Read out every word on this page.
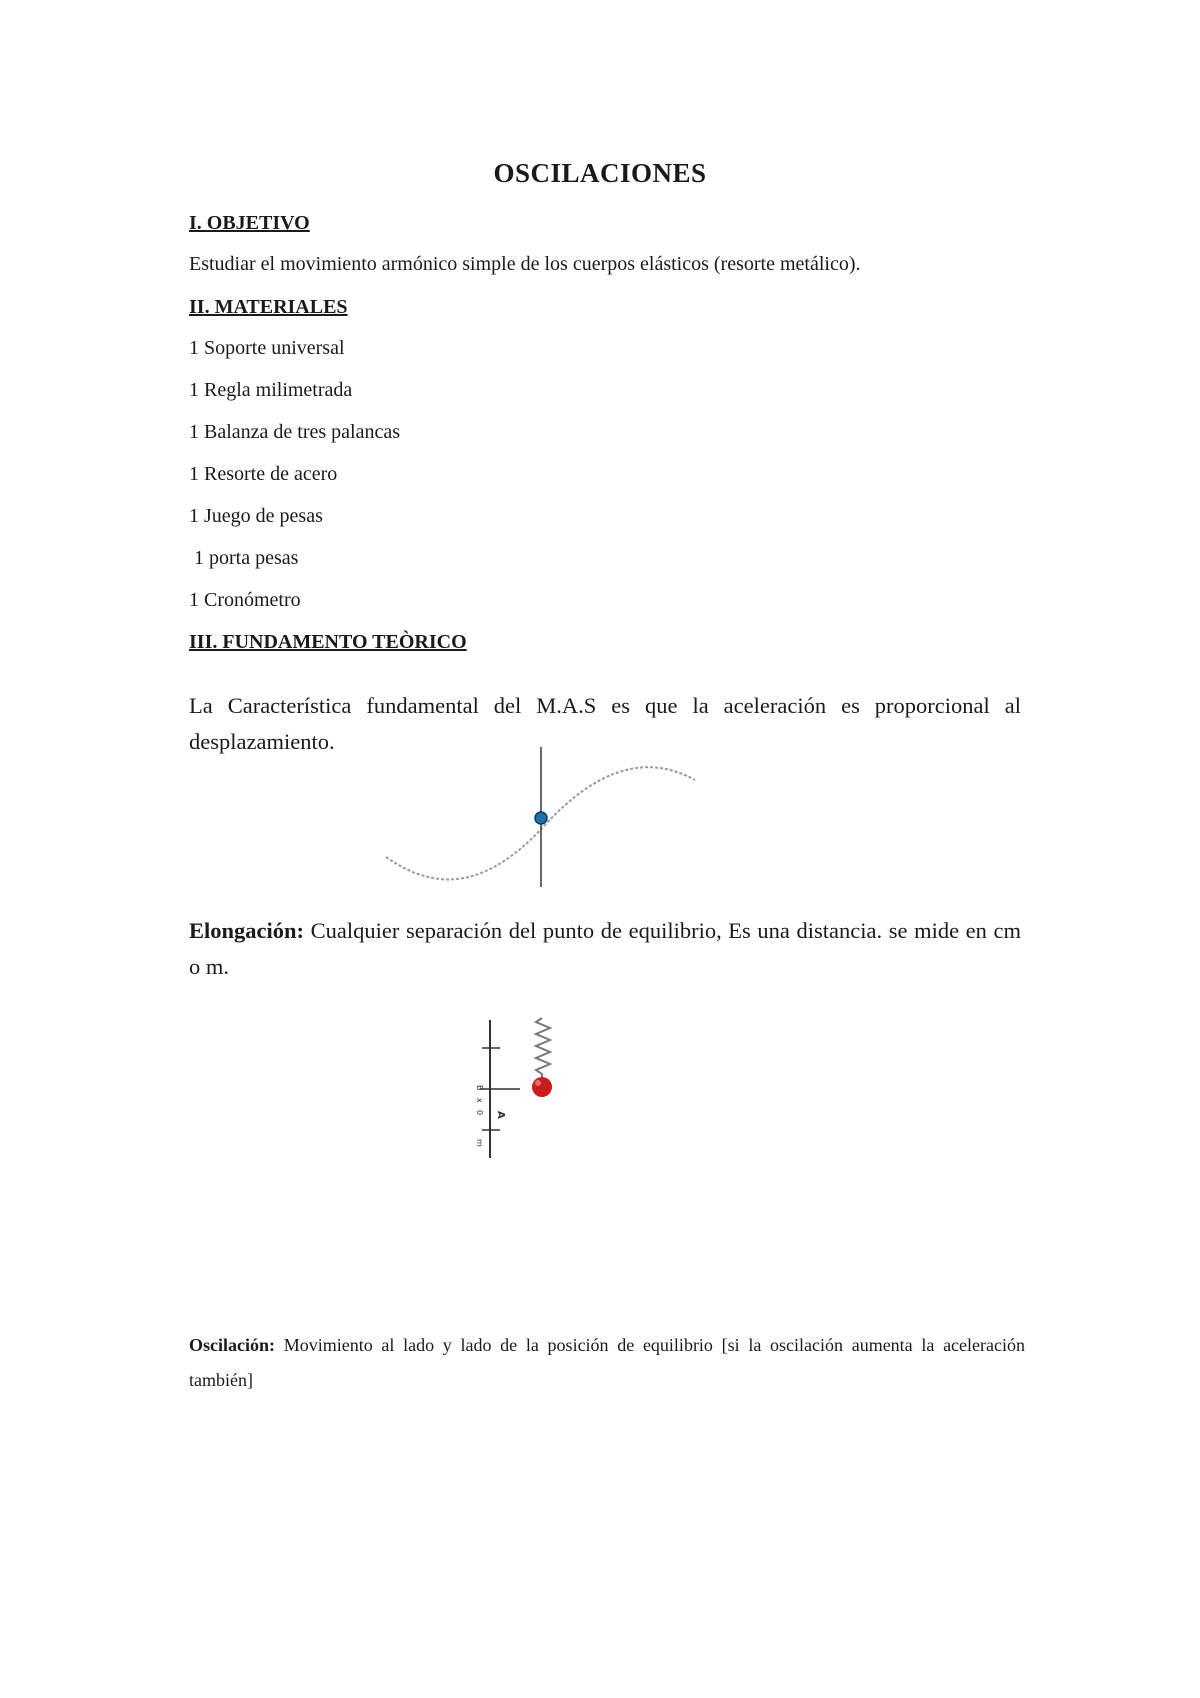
OSCILACIONES
I. OBJETIVO

Estudiar el movimiento armónico simple de los cuerpos elásticos (resorte metálico).

II. MATERIALES

1 Soporte universal

1 Regla milimetrada

1 Balanza de tres palancas

1 Resorte de acero

1 Juego de pesas

1 porta pesas

1 Cronómetro

III. FUNDAMENTO TEÒRICO

La Característica fundamental del M.A.S es que la aceleración es proporcional al desplazamiento.

Elongación: Cualquier separación del punto de equilibrio, Es una distancia. se mide en cm o m.

B
x
0 A
m

Oscilación: Movimiento al lado y lado de la posición de equilibrio [si la oscilación aumenta la aceleración también]
